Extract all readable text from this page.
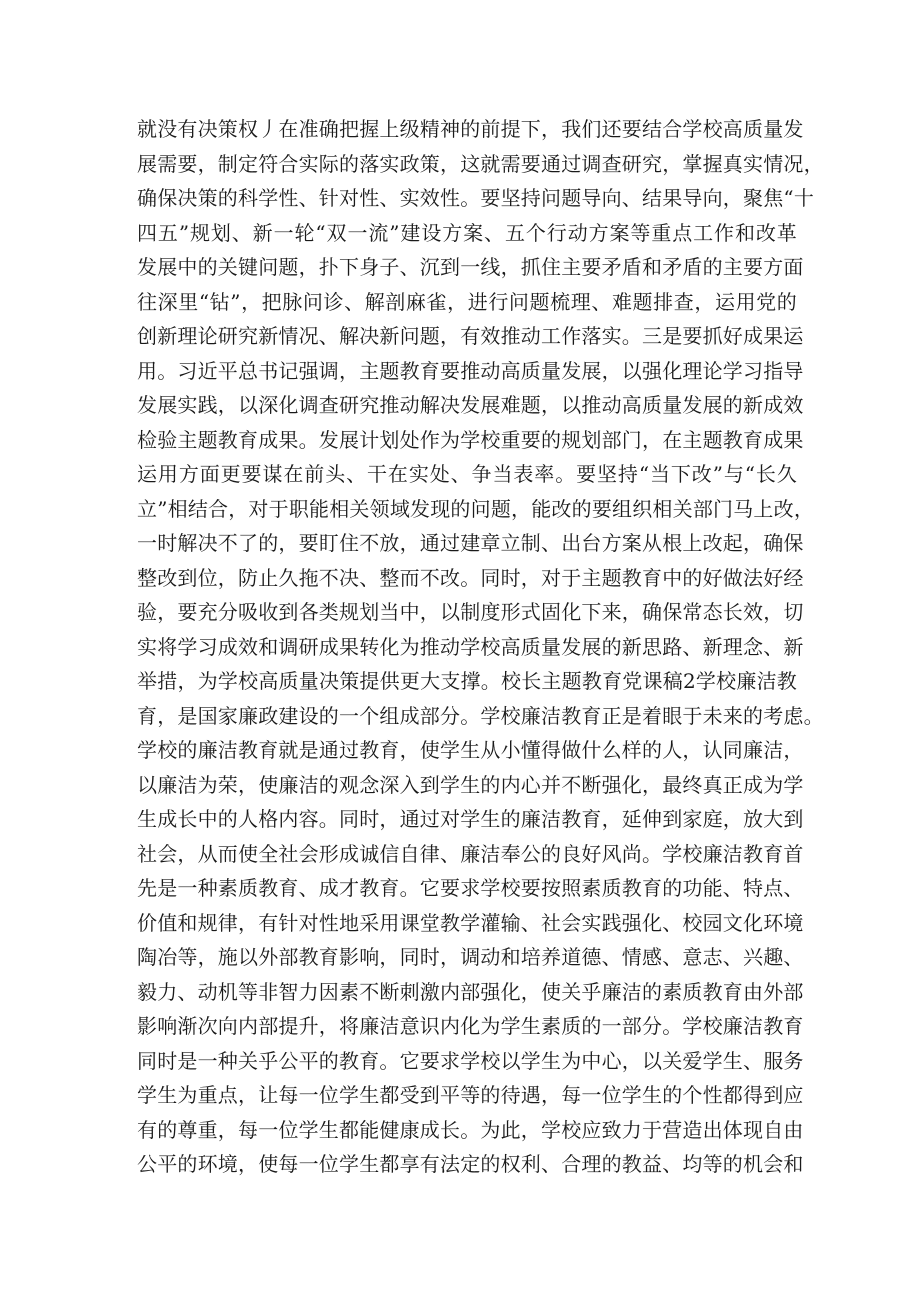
就没有决策权丿在准确把握上级精神的前提下，我们还要结合学校高质量发
展需要，制定符合实际的落实政策，这就需要通过调查研究，掌握真实情况，
确保决策的科学性、针对性、实效性。要坚持问题导向、结果导向，聚焦“十
四五”规划、新一轮“双一流”建设方案、五个行动方案等重点工作和改革
发展中的关键问题，扑下身子、沉到一线，抓住主要矛盾和矛盾的主要方面
往深里“钻”，把脉问诊、解剖麻雀，进行问题梳理、难题排查，运用党的
创新理论研究新情况、解决新问题，有效推动工作落实。三是要抓好成果运
用。习近平总书记强调，主题教育要推动高质量发展，以强化理论学习指导
发展实践，以深化调查研究推动解决发展难题，以推动高质量发展的新成效
检验主题教育成果。发展计划处作为学校重要的规划部门，在主题教育成果
运用方面更要谋在前头、干在实处、争当表率。要坚持“当下改”与“长久
立”相结合，对于职能相关领域发现的问题，能改的要组织相关部门马上改，
一时解决不了的，要盯住不放，通过建章立制、出台方案从根上改起，确保
整改到位，防止久拖不决、整而不改。同时，对于主题教育中的好做法好经
验，要充分吸收到各类规划当中，以制度形式固化下来，确保常态长效，切
实将学习成效和调研成果转化为推动学校高质量发展的新思路、新理念、新
举措，为学校高质量决策提供更大支撑。校长主题教育党课稿2学校廉洁教
育，是国家廉政建设的一个组成部分。学校廉洁教育正是着眼于未来的考虑。
学校的廉洁教育就是通过教育，使学生从小懂得做什么样的人，认同廉洁，
以廉洁为荣，使廉洁的观念深入到学生的内心并不断强化，最终真正成为学
生成长中的人格内容。同时，通过对学生的廉洁教育，延伸到家庭，放大到
社会，从而使全社会形成诚信自律、廉洁奉公的良好风尚。学校廉洁教育首
先是一种素质教育、成才教育。它要求学校要按照素质教育的功能、特点、
价值和规律，有针对性地采用课堂教学灌输、社会实践强化、校园文化环境
陶冶等，施以外部教育影响，同时，调动和培养道德、情感、意志、兴趣、
毅力、动机等非智力因素不断刺激内部强化，使关乎廉洁的素质教育由外部
影响渐次向内部提升，将廉洁意识内化为学生素质的一部分。学校廉洁教育
同时是一种关乎公平的教育。它要求学校以学生为中心，以关爱学生、服务
学生为重点，让每一位学生都受到平等的待遇，每一位学生的个性都得到应
有的尊重，每一位学生都能健康成长。为此，学校应致力于营造出体现自由
公平的环境，使每一位学生都享有法定的权利、合理的教益、均等的机会和
